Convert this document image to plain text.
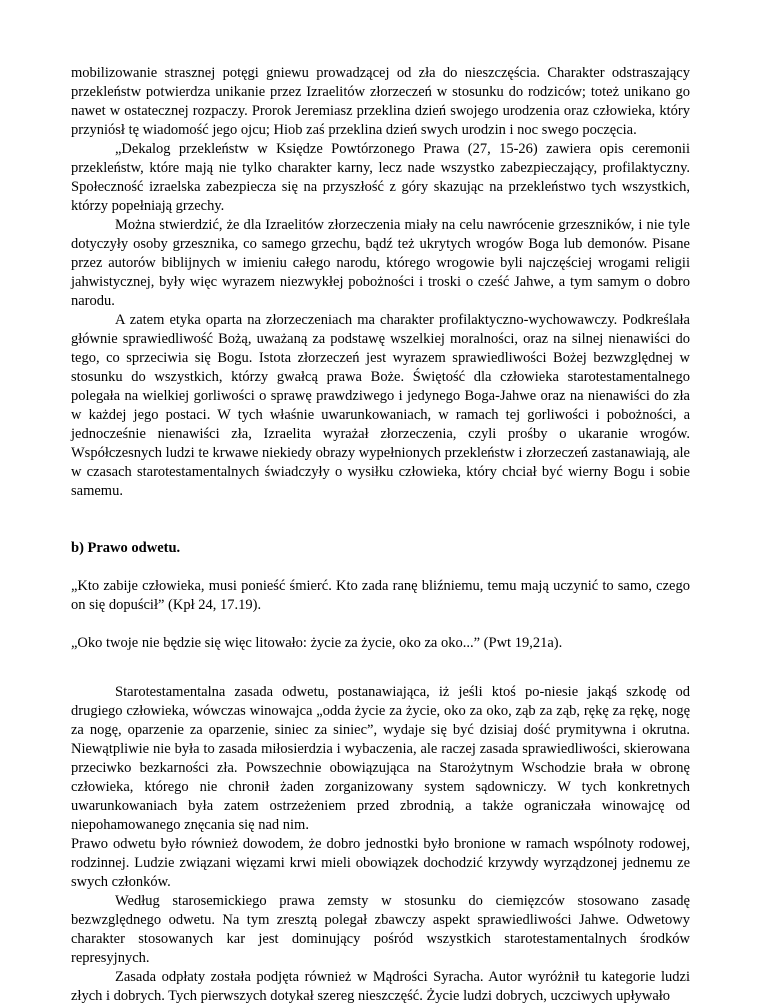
mobilizowanie strasznej potęgi gniewu prowadzącej od zła do nieszczęścia. Charakter odstraszający przekleństw potwierdza unikanie przez Izraelitów złorzeczeń w stosunku do rodziców; toteż unikano go nawet w ostatecznej rozpaczy. Prorok Jeremiasz przeklina dzień swojego urodzenia oraz człowieka, który przyniósł tę wiadomość jego ojcu; Hiob zaś przeklina dzień swych urodzin i noc swego poczęcia.

„Dekalog przekleństw w Księdze Powtórzonego Prawa (27, 15-26) zawiera opis ceremonii przekleństw, które mają nie tylko charakter karny, lecz nade wszystko zabezpieczający, profilaktyczny. Społeczność izraelska zabezpiecza się na przyszłość z góry skazując na przekleństwo tych wszystkich, którzy popełniają grzechy.

Można stwierdzić, że dla Izraelitów złorzeczenia miały na celu nawrócenie grzeszników, i nie tyle dotyczyły osoby grzesznika, co samego grzechu, bądź też ukrytych wrogów Boga lub demonów. Pisane przez autorów biblijnych w imieniu całego narodu, którego wrogowie byli najczęściej wrogami religii jahwistycznej, były więc wyrazem niezwykłej pobożności i troski o cześć Jahwe, a tym samym o dobro narodu.

A zatem etyka oparta na złorzeczeniach ma charakter profilaktyczno-wychowawczy. Podkreślała głównie sprawiedliwość Bożą, uważaną za podstawę wszelkiej moralności, oraz na silnej nienawiści do tego, co sprzeciwia się Bogu. Istota złorzeczeń jest wyrazem sprawiedliwości Bożej bezwzględnej w stosunku do wszystkich, którzy gwałcą prawa Boże. Świętość dla człowieka starotestamentalnego polegała na wielkiej gorliwości o sprawę prawdziwego i jedynego Boga-Jahwe oraz na nienawiści do zła w każdej jego postaci. W tych właśnie uwarunkowaniach, w ramach tej gorliwości i pobożności, a jednocześnie nienawiści zła, Izraelita wyrażał złorzeczenia, czyli prośby o ukaranie wrogów. Współczesnych ludzi te krwawe niekiedy obrazy wypełnionych przekleństw i złorzeczeń zastanawiają, ale w czasach starotestamentalnych świadczyły o wysiłku człowieka, który chciał być wierny Bogu i sobie samemu.

b) Prawo odwetu.

„Kto zabije człowieka, musi ponieść śmierć. Kto zada ranę bliźniemu, temu mają uczynić to samo, czego on się dopuścił” (Kpł 24, 17.19).

„Oko twoje nie będzie się więc litowało: życie za życie, oko za oko...” (Pwt 19,21a).

Starotestamentalna zasada odwetu, postanawiająca, iż jeśli ktoś po-niesie jakąś szkodę od drugiego człowieka, wówczas winowajca „odda życie za życie, oko za oko, ząb za ząb, rękę za rękę, nogę za nogę, oparzenie za oparzenie, siniec za siniec”, wydaje się być dzisiaj dość prymitywna i okrutna. Niewątpliwie nie była to zasada miłosierdzia i wybaczenia, ale raczej zasada sprawiedliwości, skierowana przeciwko bezkarności zła. Powszechnie obowiązująca na Starożytnym Wschodzie brała w obronę człowieka, którego nie chronił żaden zorganizowany system sądowniczy. W tych konkretnych uwarunkowaniach była zatem ostrzeżeniem przed zbrodnią, a także ograniczała winowajcę od niepohamowanego znęcania się nad nim.

Prawo odwetu było również dowodem, że dobro jednostki było bronione w ramach wspólnoty rodowej, rodzinnej. Ludzie związani więzami krwi mieli obowiązek dochodzić krzywdy wyrządzonej jednemu ze swych członków.

Według starosemickiego prawa zemsty w stosunku do ciemięzców stosowano zasadę bezwzględnego odwetu. Na tym zresztą polegał zbawczy aspekt sprawiedliwości Jahwe. Odwetowy charakter stosowanych kar jest dominujący pośród wszystkich starotestamentalnych środków represyjnych.

Zasada odpłaty została podjęta również w Mądrości Syracha. Autor wyróżnił tu kategorie ludzi złych i dobrych. Tych pierwszych dotykał szereg nieszczęść. Życie ludzi dobrych, uczciwych upływało
